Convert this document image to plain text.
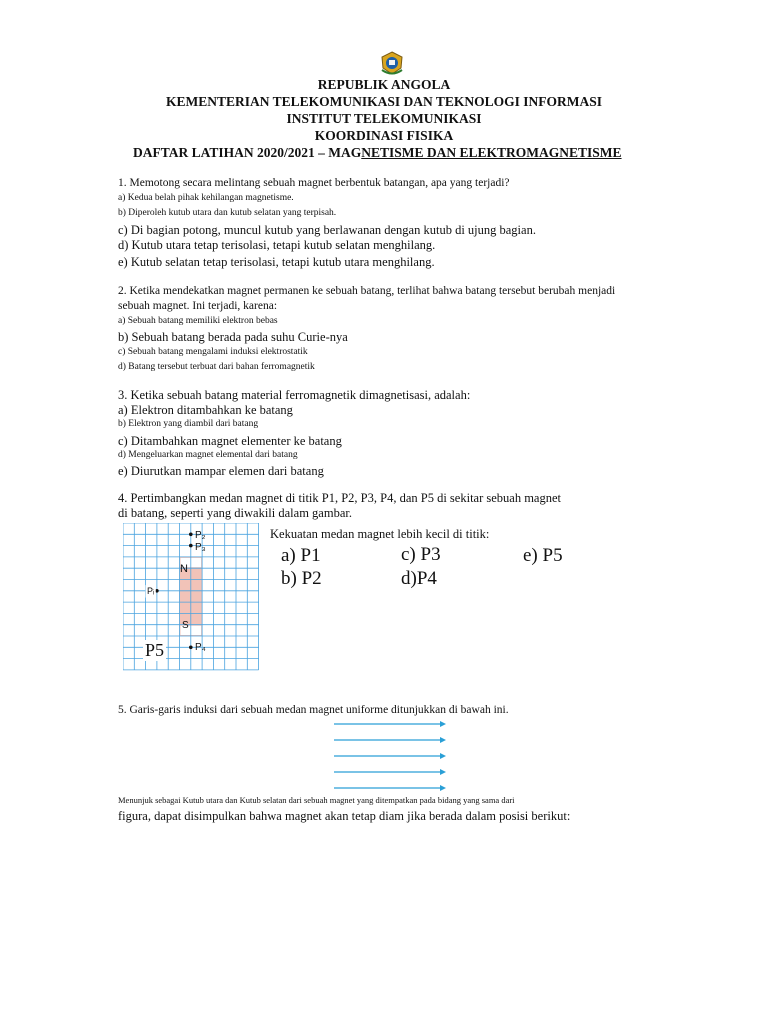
REPUBLIK ANGOLA
KEMENTERIAN TELEKOMUNIKASI DAN TEKNOLOGI INFORMASI
INSTITUT TELEKOMUNIKASI
KOORDINASI FISIKA
DAFTAR LATIHAN 2020/2021 – MAGNETISME DAN ELEKTROMAGNETISME
1. Memotong secara melintang sebuah magnet berbentuk batangan, apa yang terjadi?
a) Kedua belah pihak kehilangan magnetisme.
b) Diperoleh kutub utara dan kutub selatan yang terpisah.
c) Di bagian potong, muncul kutub yang berlawanan dengan kutub di ujung bagian.
d) Kutub utara tetap terisolasi, tetapi kutub selatan menghilang.
e) Kutub selatan tetap terisolasi, tetapi kutub utara menghilang.
2. Ketika mendekatkan magnet permanen ke sebuah batang, terlihat bahwa batang tersebut berubah menjadi
sebuah magnet. Ini terjadi, karena:
a) Sebuah batang memiliki elektron bebas
b) Sebuah batang berada pada suhu Curie-nya
c) Sebuah batang mengalami induksi elektrostatik
d) Batang tersebut terbuat dari bahan ferromagnetik
3. Ketika sebuah batang material ferromagnetik dimagnetisasi, adalah:
a) Elektron ditambahkan ke batang
b) Elektron yang diambil dari batang
c) Ditambahkan magnet elementer ke batang
d) Mengeluarkan magnet elemental dari batang
e) Diurutkan mampar elemen dari batang
4. Pertimbangkan medan magnet di titik P1, P2, P3, P4, dan P5 di sekitar sebuah magnet
di batang, seperti yang diwakili dalam gambar.
Kekuatan medan magnet lebih kecil di titik:
a) P1	c) P3	e) P5
b) P2	d)P4
N
S
P₂
P₃
Pᵢ
P₄
P5
5. Garis-garis induksi dari sebuah medan magnet uniforme ditunjukkan di bawah ini.
Menunjuk sebagai Kutub utara dan Kutub selatan dari sebuah magnet yang ditempatkan pada bidang yang sama dari
figura, dapat disimpulkan bahwa magnet akan tetap diam jika berada dalam posisi berikut:
